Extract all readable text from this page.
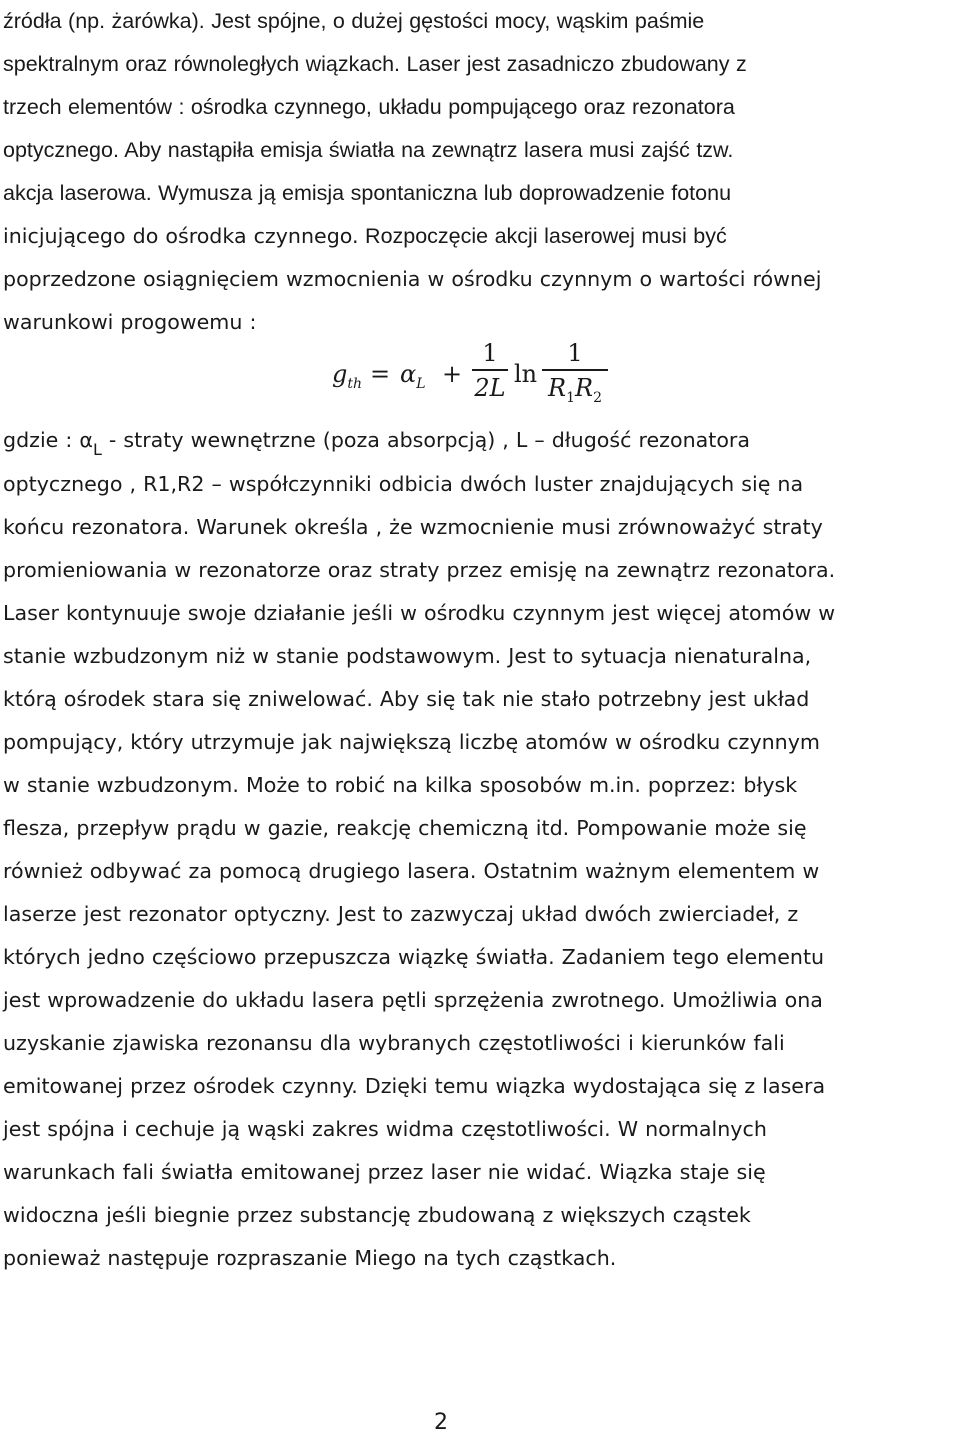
źródła (np. żarówka). Jest spójne, o dużej gęstości mocy, wąskim paśmie
spektralnym oraz równoległych wiązkach. Laser jest zasadniczo zbudowany z
trzech elementów : ośrodka czynnego, układu pompującego oraz rezonatora
optycznego. Aby nastąpiła emisja światła na zewnątrz lasera musi zajść tzw.
akcja laserowa. Wymusza ją emisja spontaniczna lub doprowadzenie fotonu
inicjującego do ośrodka czynnego. Rozpoczęcie akcji laserowej musi być
poprzedzone osiągnięciem wzmocnienia w ośrodku czynnym o wartości równej
warunkowi progowemu :

$g_{th} = \alpha_L$ +
1
2L ln
1
$R_1R_2$

gdzie : $\alpha_L$ - straty wewnętrzne (poza absorpcją) , L – długość rezonatora
optycznego , R1,R2 – współczynniki odbicia dwóch luster znajdujących się na
końcu rezonatora. Warunek określa , że wzmocnienie musi zrównoważyć straty
promieniowania w rezonatorze oraz straty przez emisję na zewnątrz rezonatora.
Laser kontynuuje swoje działanie jeśli w ośrodku czynnym jest więcej atomów w
stanie wzbudzonym niż w stanie podstawowym. Jest to sytuacja nienaturalna,
którą ośrodek stara się zniwelować. Aby się tak nie stało potrzebny jest układ
pompujący, który utrzymuje jak największą liczbę atomów w ośrodku czynnym
w stanie wzbudzonym. Może to robić na kilka sposobów m.in. poprzez: błysk
flesza, przepływ prądu w gazie, reakcję chemiczną itd. Pompowanie może się
również odbywać za pomocą drugiego lasera. Ostatnim ważnym elementem w
laserze jest rezonator optyczny. Jest to zazwyczaj układ dwóch zwierciadeł, z
których jedno częściowo przepuszcza wiązkę światła. Zadaniem tego elementu
jest wprowadzenie do układu lasera pętli sprzężenia zwrotnego. Umożliwia ona
uzyskanie zjawiska rezonansu dla wybranych częstotliwości i kierunków fali
emitowanej przez ośrodek czynny. Dzięki temu wiązka wydostająca się z lasera
jest spójna i cechuje ją wąski zakres widma częstotliwości. W normalnych
warunkach fali światła emitowanej przez laser nie widać. Wiązka staje się
widoczna jeśli biegnie przez substancję zbudowaną z większych cząstek
ponieważ następuje rozpraszanie Miego na tych cząstkach.

2
